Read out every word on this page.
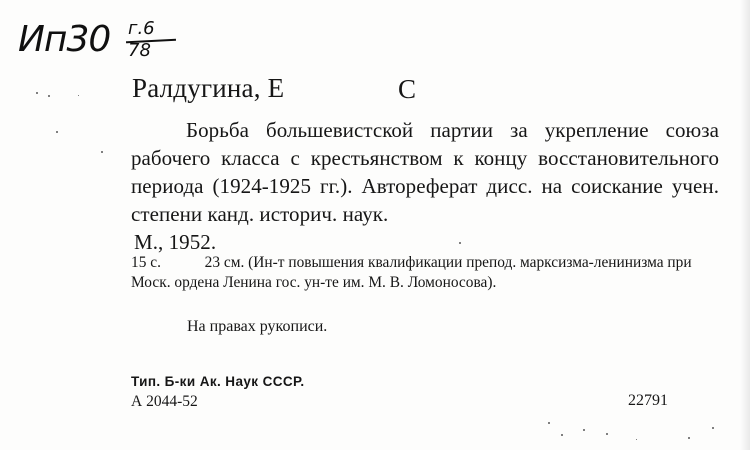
Ип30 г.6
78
Ралдугина, Е	С

Борьба большевистской партии за укрепление союза рабочего класса с крестьянством к концу восстановительного периода (1924-1925 гг.). Автореферат дисс. на соискание учен. степени канд. историч. наук.

М., 1952.

15 с.	23 см. (Ин-т повышения квалификации препод. марксизма-ленинизма при Моск. ордена Ленина гос. ун-те им. М. В. Ломоносова).
На правах рукописи.
Тип. Б-ки Ак. Наук СССР.
А 2044-52	22791
